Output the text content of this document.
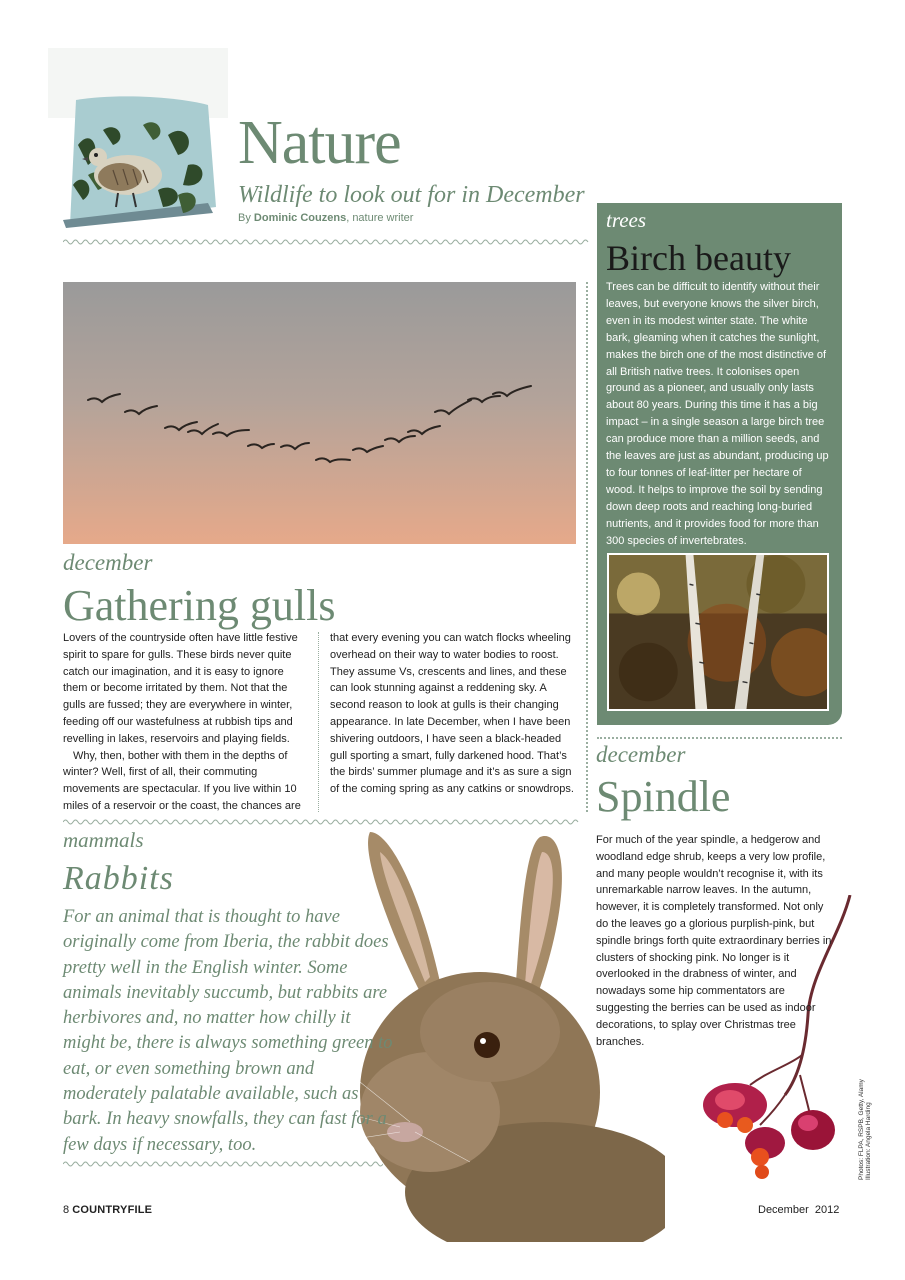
Nature
Wildlife to look out for in December
By Dominic Couzens, nature writer
december
Gathering gulls
Lovers of the countryside often have little festive spirit to spare for gulls. These birds never quite catch our imagination, and it is easy to ignore them or become irritated by them. Not that the gulls are fussed; they are everywhere in winter, feeding off our wastefulness at rubbish tips and revelling in lakes, reservoirs and playing fields.
Why, then, bother with them in the depths of winter? Well, first of all, their commuting movements are spectacular. If you live within 10 miles of a reservoir or the coast, the chances are
that every evening you can watch flocks wheeling overhead on their way to water bodies to roost. They assume Vs, crescents and lines, and these can look stunning against a reddening sky. A second reason to look at gulls is their changing appearance. In late December, when I have been shivering outdoors, I have seen a black-headed gull sporting a smart, fully darkened hood. That’s the birds’ summer plumage and it’s as sure a sign of the coming spring as any catkins or snowdrops.
trees
Birch beauty
Trees can be difficult to identify without their leaves, but everyone knows the silver birch, even in its modest winter state. The white bark, gleaming when it catches the sunlight, makes the birch one of the most distinctive of all British native trees. It colonises open ground as a pioneer, and usually only lasts about 80 years. During this time it has a big impact – in a single season a large birch tree can produce more than a million seeds, and the leaves are just as abundant, producing up to four tonnes of leaf-litter per hectare of wood. It helps to improve the soil by sending down deep roots and reaching long-buried nutrients, and it provides food for more than 300 species of invertebrates.
mammals
Rabbits
For an animal that is thought to have originally come from Iberia, the rabbit does pretty well in the English winter. Some animals inevitably succumb, but rabbits are herbivores and, no matter how chilly it might be, there is always something green to eat, or even something brown and moderately palatable available, such as bark. In heavy snowfalls, they can fast for a few days if necessary, too.
december
Spindle
For much of the year spindle, a hedgerow and woodland edge shrub, keeps a very low profile, and many people wouldn’t recognise it, with its unremarkable narrow leaves. In the autumn, however, it is completely transformed. Not only do the leaves go a glorious purplish-pink, but spindle brings forth quite extraordinary berries in clusters of shocking pink. No longer is it overlooked in the drabness of winter, and nowadays some hip commentators are suggesting the berries can be used as indoor decorations, to splay over Christmas tree branches.
Photos: FLPA, RSPB, Getty, Alamy Illustration: Angela Harding
8 COUNTRYFILE	December  2012
